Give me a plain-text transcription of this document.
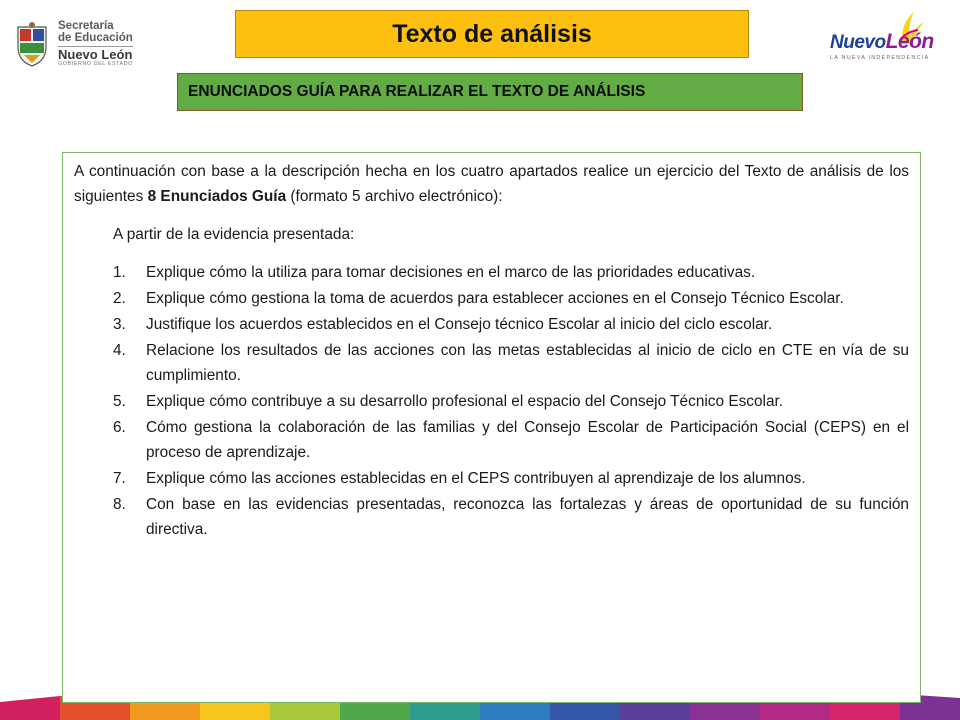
Secretaría
de Educación
Nuevo León
GOBIERNO DEL ESTADO
Nuevo León
LA NUEVA INDEPENDENCIA
Texto de análisis
ENUNCIADOS GUÍA PARA REALIZAR EL TEXTO DE ANÁLISIS

A continuación con base a la descripción hecha en los cuatro apartados realice un ejercicio del Texto de análisis de los siguientes 8 Enunciados Guía (formato 5 archivo electrónico):

A partir de la evidencia presentada:
1.	Explique cómo la utiliza para tomar decisiones en el marco de las prioridades educativas.
2.	Explique cómo gestiona la toma de acuerdos para establecer acciones en el Consejo Técnico Escolar.
3.	Justifique los acuerdos establecidos en el Consejo técnico Escolar al inicio del ciclo escolar.
4.	Relacione los resultados de las acciones con las metas establecidas al inicio de ciclo en CTE en vía de su cumplimiento.
5.	Explique cómo contribuye a su desarrollo profesional el espacio del Consejo Técnico Escolar.
6.	Cómo gestiona la colaboración de las familias y del Consejo Escolar de Participación Social (CEPS) en el proceso de aprendizaje.
7.	Explique cómo las acciones establecidas en el CEPS contribuyen al aprendizaje de los alumnos.
8.	Con base en las evidencias presentadas, reconozca las fortalezas y áreas de oportunidad de su función directiva.
